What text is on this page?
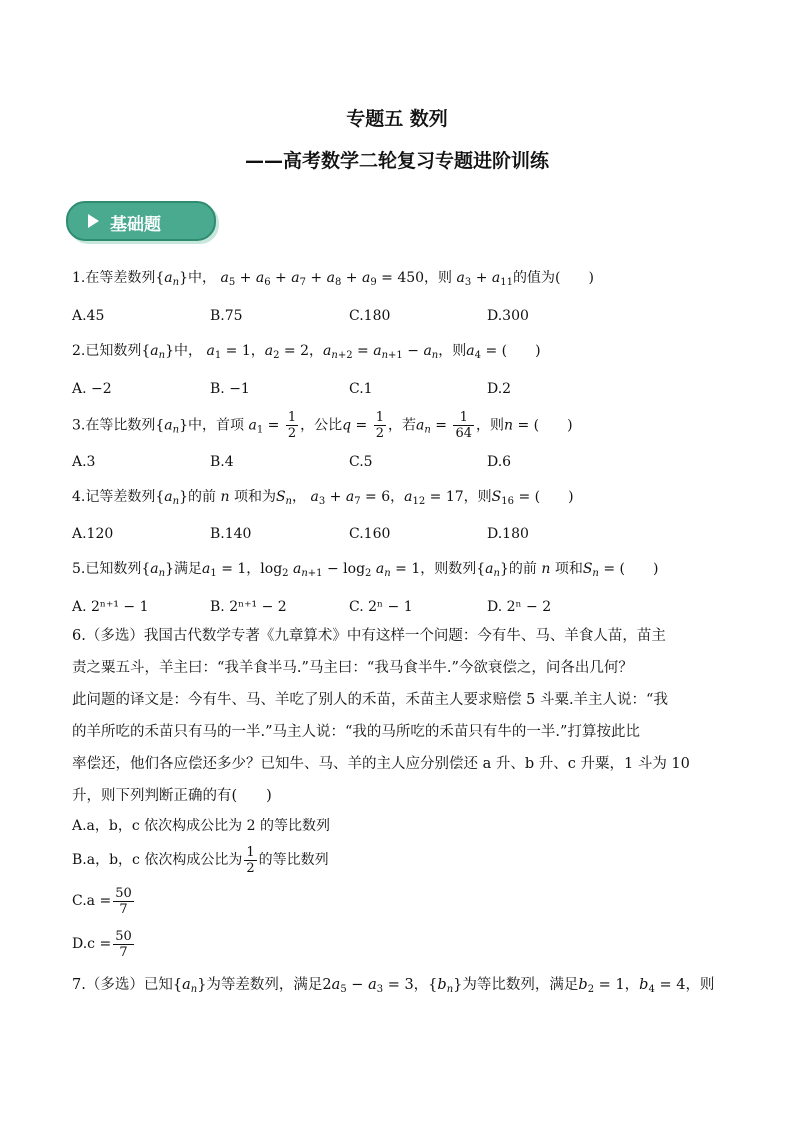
专题五 数列
——高考数学二轮复习专题进阶训练
基础题
1.在等差数列$\{a_n\}$中， $a_5 + a_6 + a_7 + a_8 + a_9 = 450$，则 $a_3 + a_{11}$的值为(　　)
A.45	B.75	C.180	D.300
2.已知数列$\{a_n\}$中， $a_1 = 1$，$a_2 = 2$，$a_{n+2} = a_{n+1} - a_n$，则$a_4$ = (　　)
A. −2	B. −1	C.1	D.2
3.在等比数列$\{a_n\}$中，首项 $a_1 = \frac{1}{2}$ ，公比$q = \frac{1}{2}$ ，若$a_n = \frac{1}{64}$ ，则n = (　　)
A.3	B.4	C.5	D.6
4.记等差数列$\{a_n\}$的前 n 项和为$S_n$， $a_3 + a_7 = 6$，$a_{12} = 17$，则$S_{16}$ = (　　)
A.120	B.140	C.160	D.180
5.已知数列$\{a_n\}$满足$a_1 = 1$，$\log_2 a_{n+1} - \log_2 a_n = 1$，则数列$\{a_n\}$的前 n 项和$S_n$ = (　　)
A. 2ⁿ⁺¹ − 1	B. 2ⁿ⁺¹ − 2	C. 2ⁿ − 1	D. 2ⁿ − 2
6.（多选）我国古代数学专著《九章算术》中有这样一个问题：今有牛、马、羊食人苗，苗主
责之粟五斗，羊主曰：“我羊食半马.”马主曰：“我马食半牛.”今欲衰偿之，问各出几何？
此问题的译文是：今有牛、马、羊吃了别人的禾苗，禾苗主人要求赔偿 5 斗粟.羊主人说：“我
的羊所吃的禾苗只有马的一半.”马主人说：“我的马所吃的禾苗只有牛的一半.”打算按此比
率偿还，他们各应偿还多少？已知牛、马、羊的主人应分别偿还 a 升、b 升、c 升粟，1 斗为 10
升，则下列判断正确的有(　　)
A.a，b，c 依次构成公比为 2 的等比数列
B.a，b，c 依次构成公比为 $\frac{1}{2}$ 的等比数列
$C.a = \frac{50}{7}$
$D.c = \frac{50}{7}$
7.（多选）已知$\{a_n\}$为等差数列，满足$2a_5 - a_3 = 3$，$\{b_n\}$为等比数列，满足$b_2 = 1$，$b_4 = 4$，则
